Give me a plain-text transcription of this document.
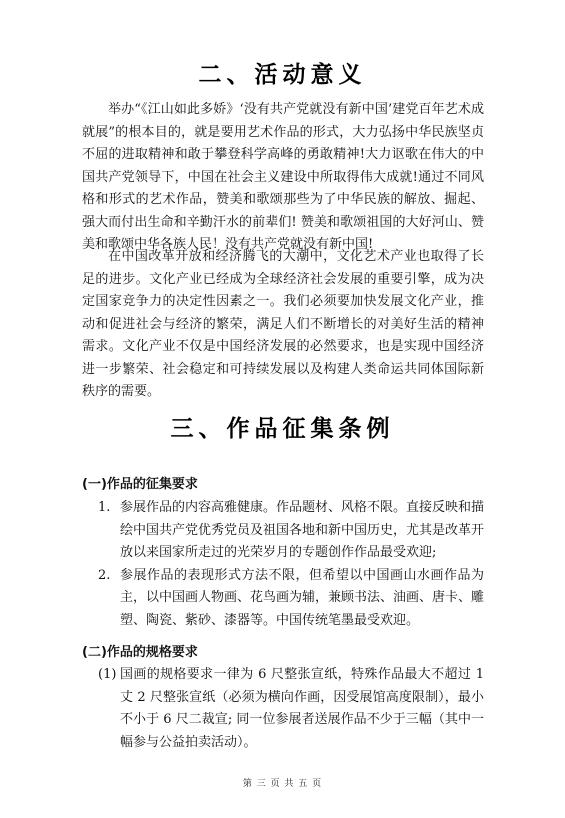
二、活动意义

举办“《江山如此多娇》‘没有共产党就没有新中国’建党百年艺术成就展”的根本目的，就是要用艺术作品的形式，大力弘扬中华民族坚贞不屈的进取精神和敢于攀登科学高峰的勇敢精神!大力讴歌在伟大的中国共产党领导下，中国在社会主义建设中所取得伟大成就!通过不同风格和形式的艺术作品，赞美和歌颂那些为了中华民族的解放、掘起、强大而付出生命和辛勤汗水的前辈们! 赞美和歌颂祖国的大好河山、赞美和歌颂中华各族人民！没有共产党就没有新中国!

在中国改革开放和经济腾飞的大潮中，文化艺术产业也取得了长足的进步。文化产业已经成为全球经济社会发展的重要引擎，成为决定国家竞争力的决定性因素之一。我们必须要加快发展文化产业，推动和促进社会与经济的繁荣，满足人们不断增长的对美好生活的精神需求。文化产业不仅是中国经济发展的必然要求，也是实现中国经济进一步繁荣、社会稳定和可持续发展以及构建人类命运共同体国际新秩序的需要。

三、作品征集条例
(一)作品的征集要求
1. 参展作品的内容高雅健康。作品题材、风格不限。直接反映和描绘中国共产党优秀党员及祖国各地和新中国历史，尤其是改革开放以来国家所走过的光荣岁月的专题创作作品最受欢迎;
2. 参展作品的表现形式方法不限，但希望以中国画山水画作品为主，以中国画人物画、花鸟画为辅，兼顾书法、油画、唐卡、雕塑、陶瓷、紫砂、漆器等。中国传统笔墨最受欢迎。
(二)作品的规格要求
(1) 国画的规格要求一律为 6 尺整张宣纸，特殊作品最大不超过 1 丈 2 尺整张宣纸（必须为横向作画，因受展馆高度限制），最小不小于 6 尺二裁宣; 同一位参展者送展作品不少于三幅（其中一幅参与公益拍卖活动）。
第 三 页 共 五 页
